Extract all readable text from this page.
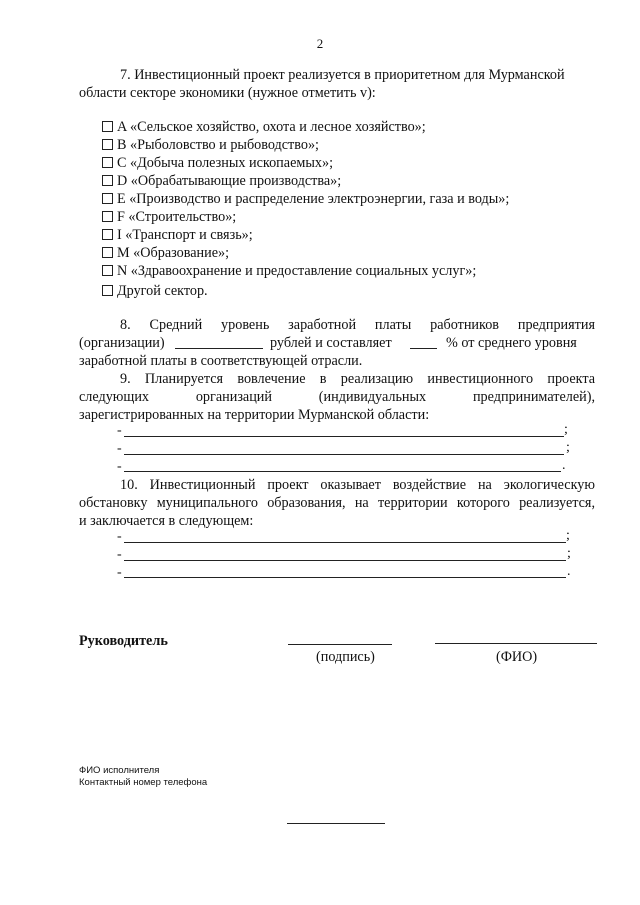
2
7. Инвестиционный проект реализуется в приоритетном для Мурманской
области секторе экономики (нужное отметить v):
A «Сельское хозяйство, охота и лесное хозяйство»;
B «Рыболовство и рыбоводство»;
C «Добыча полезных ископаемых»;
D «Обрабатывающие производства»;
E «Производство и распределение электроэнергии, газа и воды»;
F «Строительство»;
I «Транспорт и связь»;
M «Образование»;
N «Здравоохранение и предоставление социальных услуг»;
Другой сектор.
8. Средний уровень заработной платы работников предприятия
(организации)	рублей и составляет	% от среднего уровня
заработной платы в соответствующей отрасли.
9. Планируется вовлечение в реализацию инвестиционного проекта
следующих организаций (индивидуальных предпринимателей),
зарегистрированных на территории Мурманской области:
-	;
-	;
-	.
10. Инвестиционный проект оказывает воздействие на экологическую
обстановку муниципального образования, на территории которого реализуется,
и заключается в следующем:
-	;
-	;
-	.
Руководитель
(подпись)	(ФИО)
ФИО исполнителя
Контактный номер телефона
